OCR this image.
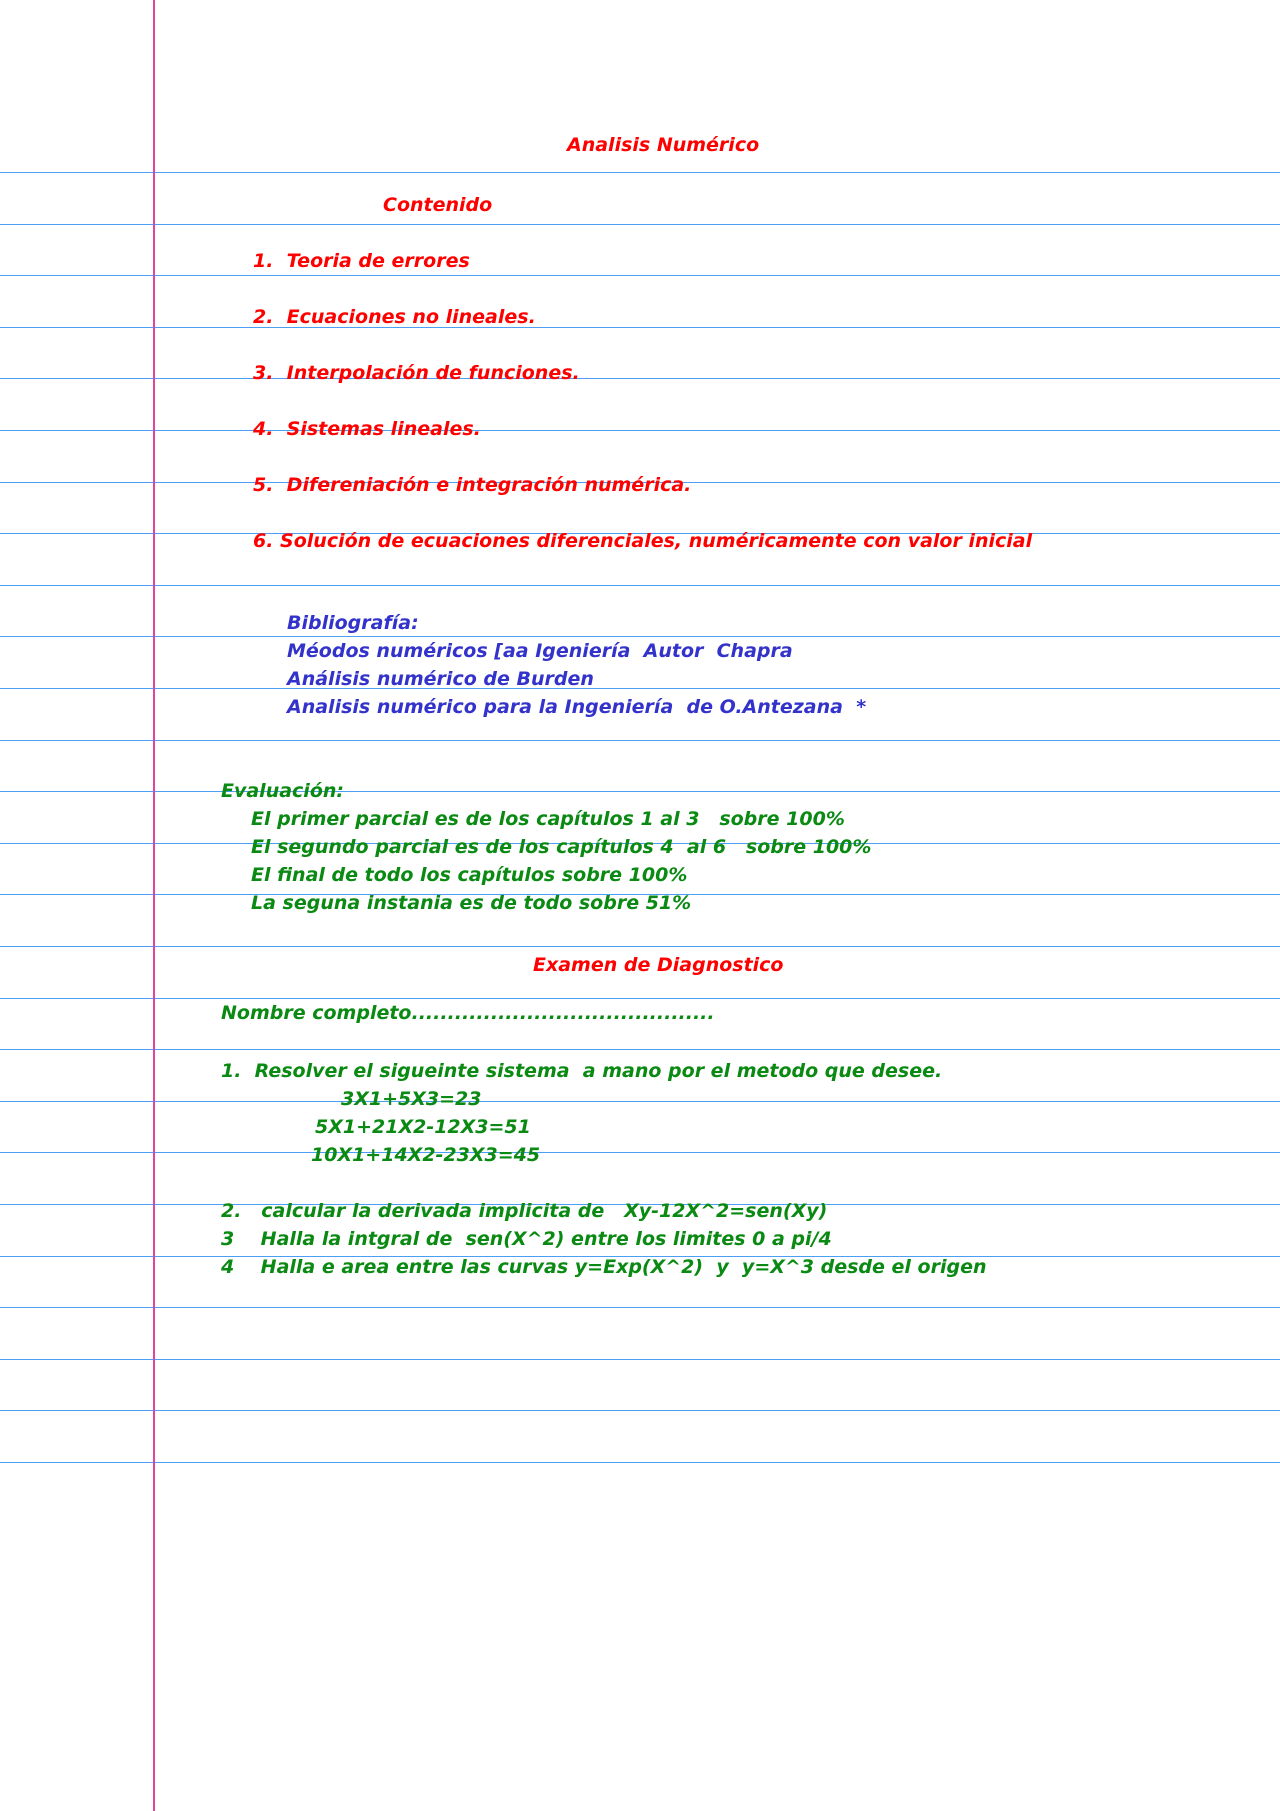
Analisis Numérico

Contenido

1.  Teoria de errores

2.  Ecuaciones no lineales.

3.  Interpolación de funciones.

4.  Sistemas lineales.

5.  Difereniación e integración numérica.

6. Solución de ecuaciones diferenciales, numéricamente con valor inicial

Bibliografía:

Méodos numéricos [aa Igeniería  Autor  Chapra

Análisis numérico de Burden

Analisis numérico para la Ingeniería  de O.Antezana  *

Evaluación:

El primer parcial es de los capítulos 1 al 3   sobre 100%

El segundo parcial es de los capítulos 4  al 6   sobre 100%

El final de todo los capítulos sobre 100%

La seguna instania es de todo sobre 51%

Examen de Diagnostico

Nombre completo..........................................

1.  Resolver el sigueinte sistema  a mano por el metodo que desee.

3X1+5X3=23

5X1+21X2-12X3=51

10X1+14X2-23X3=45

2.   calcular la derivada implicita de   Xy-12X^2=sen(Xy)

3    Halla la intgral de  sen(X^2) entre los limites 0 a pi/4

4    Halla e area entre las curvas y=Exp(X^2)  y  y=X^3 desde el origen
